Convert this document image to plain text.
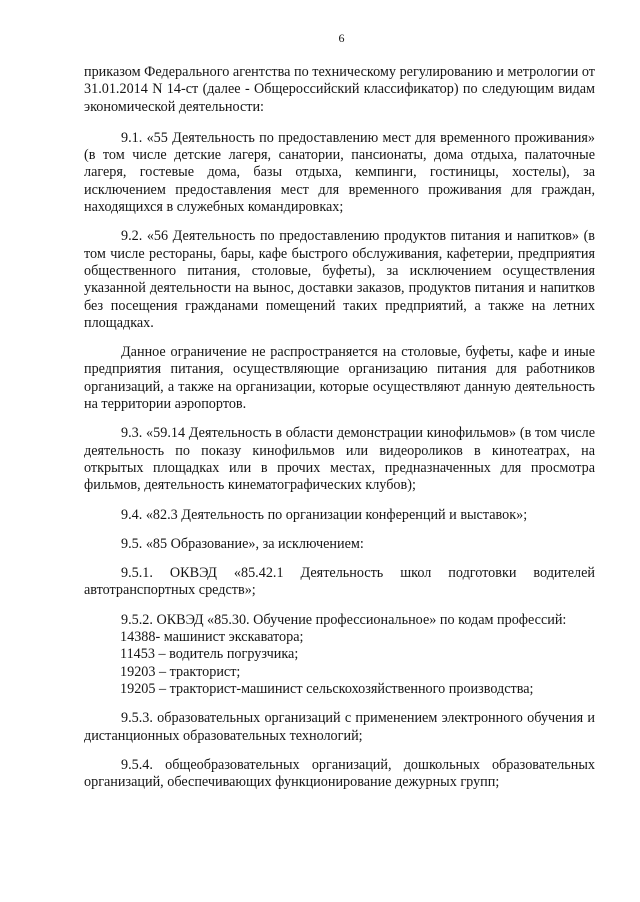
6

приказом Федерального агентства по техническому регулированию и метрологии от 31.01.2014 N 14-ст (далее - Общероссийский классификатор) по следующим видам экономической деятельности:

9.1. «55 Деятельность по предоставлению мест для временного проживания» (в том числе детские лагеря, санатории, пансионаты, дома отдыха, палаточные лагеря, гостевые дома, базы отдыха, кемпинги, гостиницы, хостелы), за исключением предоставления мест для временного проживания для граждан, находящихся в служебных командировках;

9.2. «56 Деятельность по предоставлению продуктов питания и напитков» (в том числе рестораны, бары, кафе быстрого обслуживания, кафетерии, предприятия общественного питания, столовые, буфеты), за исключением осуществления указанной деятельности на вынос, доставки заказов, продуктов питания и напитков без посещения гражданами помещений таких предприятий, а также на летних площадках.

Данное ограничение не распространяется на столовые, буфеты, кафе и иные предприятия питания, осуществляющие организацию питания для работников организаций, а также на организации, которые осуществляют данную деятельность на территории аэропортов.

9.3. «59.14 Деятельность в области демонстрации кинофильмов» (в том числе деятельность по показу кинофильмов или видеороликов в кинотеатрах, на открытых площадках или в прочих местах, предназначенных для просмотра фильмов, деятельность кинематографических клубов);

9.4. «82.3 Деятельность по организации конференций и выставок»;

9.5. «85 Образование», за исключением:

9.5.1. ОКВЭД «85.42.1 Деятельность школ подготовки водителей автотранспортных средств»;

9.5.2. ОКВЭД «85.30. Обучение профессиональное» по кодам профессий:
14388- машинист экскаватора;
11453 – водитель погрузчика;
19203 – тракторист;
19205 – тракторист-машинист сельскохозяйственного производства;

9.5.3. образовательных организаций с применением электронного обучения и дистанционных образовательных технологий;

9.5.4. общеобразовательных организаций, дошкольных образовательных организаций, обеспечивающих функционирование дежурных групп;
